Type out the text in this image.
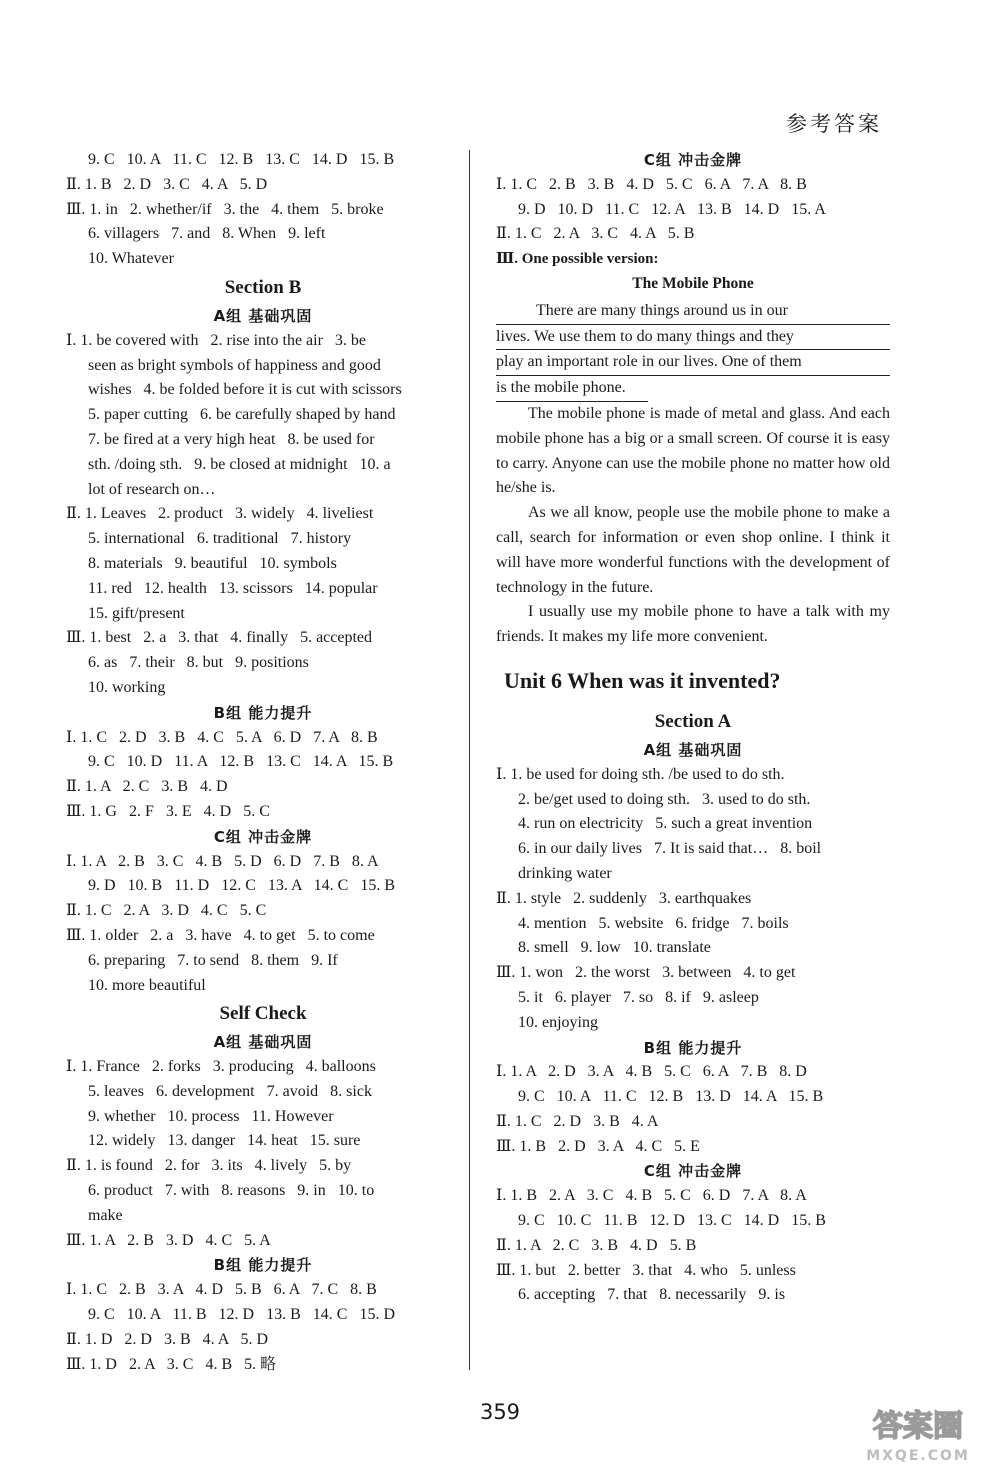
参考答案
9. C   10. A   11. C   12. B   13. C   14. D   15. B
Ⅱ. 1. B   2. D   3. C   4. A   5. D
Ⅲ. 1. in   2. whether/if   3. the   4. them   5. broke
6. villagers   7. and   8. When   9. left
10. Whatever
Section B
A组 基础巩固
Ⅰ. 1. be covered with   2. rise into the air   3. be
seen as bright symbols of happiness and good
wishes   4. be folded before it is cut with scissors
5. paper cutting   6. be carefully shaped by hand
7. be fired at a very high heat   8. be used for
sth. /doing sth.   9. be closed at midnight   10. a
lot of research on…
Ⅱ. 1. Leaves   2. product   3. widely   4. liveliest
5. international   6. traditional   7. history
8. materials   9. beautiful   10. symbols
11. red   12. health   13. scissors   14. popular
15. gift/present
Ⅲ. 1. best   2. a   3. that   4. finally   5. accepted
6. as   7. their   8. but   9. positions
10. working
B组 能力提升
Ⅰ. 1. C   2. D   3. B   4. C   5. A   6. D   7. A   8. B
9. C   10. D   11. A   12. B   13. C   14. A   15. B
Ⅱ. 1. A   2. C   3. B   4. D
Ⅲ. 1. G   2. F   3. E   4. D   5. C
C组 冲击金牌
Ⅰ. 1. A   2. B   3. C   4. B   5. D   6. D   7. B   8. A
9. D   10. B   11. D   12. C   13. A   14. C   15. B
Ⅱ. 1. C   2. A   3. D   4. C   5. C
Ⅲ. 1. older   2. a   3. have   4. to get   5. to come
6. preparing   7. to send   8. them   9. If
10. more beautiful
Self Check
A组 基础巩固
Ⅰ. 1. France   2. forks   3. producing   4. balloons
5. leaves   6. development   7. avoid   8. sick
9. whether   10. process   11. However
12. widely   13. danger   14. heat   15. sure
Ⅱ. 1. is found   2. for   3. its   4. lively   5. by
6. product   7. with   8. reasons   9. in   10. to
make
Ⅲ. 1. A   2. B   3. D   4. C   5. A
B组 能力提升
Ⅰ. 1. C   2. B   3. A   4. D   5. B   6. A   7. C   8. B
9. C   10. A   11. B   12. D   13. B   14. C   15. D
Ⅱ. 1. D   2. D   3. B   4. A   5. D
Ⅲ. 1. D   2. A   3. C   4. B   5. 略
C组 冲击金牌
Ⅰ. 1. C   2. B   3. B   4. D   5. C   6. A   7. A   8. B
9. D   10. D   11. C   12. A   13. B   14. D   15. A
Ⅱ. 1. C   2. A   3. C   4. A   5. B
Ⅲ. One possible version:
The Mobile Phone
There are many things around us in our
lives. We use them to do many things and they
play an important role in our lives. One of them
is the mobile phone.
The mobile phone is made of metal and glass. And each mobile phone has a big or a small screen. Of course it is easy to carry. Anyone can use the mobile phone no matter how old he/she is.
As we all know, people use the mobile phone to make a call, search for information or even shop online. I think it will have more wonderful functions with the development of technology in the future.
I usually use my mobile phone to have a talk with my friends. It makes my life more convenient.
Unit 6 When was it invented?
Section A
A组 基础巩固
Ⅰ. 1. be used for doing sth. /be used to do sth.
2. be/get used to doing sth.   3. used to do sth.
4. run on electricity   5. such a great invention
6. in our daily lives   7. It is said that…   8. boil
drinking water
Ⅱ. 1. style   2. suddenly   3. earthquakes
4. mention   5. website   6. fridge   7. boils
8. smell   9. low   10. translate
Ⅲ. 1. won   2. the worst   3. between   4. to get
5. it   6. player   7. so   8. if   9. asleep
10. enjoying
B组 能力提升
Ⅰ. 1. A   2. D   3. A   4. B   5. C   6. A   7. B   8. D
9. C   10. A   11. C   12. B   13. D   14. A   15. B
Ⅱ. 1. C   2. D   3. B   4. A
Ⅲ. 1. B   2. D   3. A   4. C   5. E
C组 冲击金牌
Ⅰ. 1. B   2. A   3. C   4. B   5. C   6. D   7. A   8. A
9. C   10. C   11. B   12. D   13. C   14. D   15. B
Ⅱ. 1. A   2. C   3. B   4. D   5. B
Ⅲ. 1. but   2. better   3. that   4. who   5. unless
6. accepting   7. that   8. necessarily   9. is
359	答案圈
MXQE.COM
